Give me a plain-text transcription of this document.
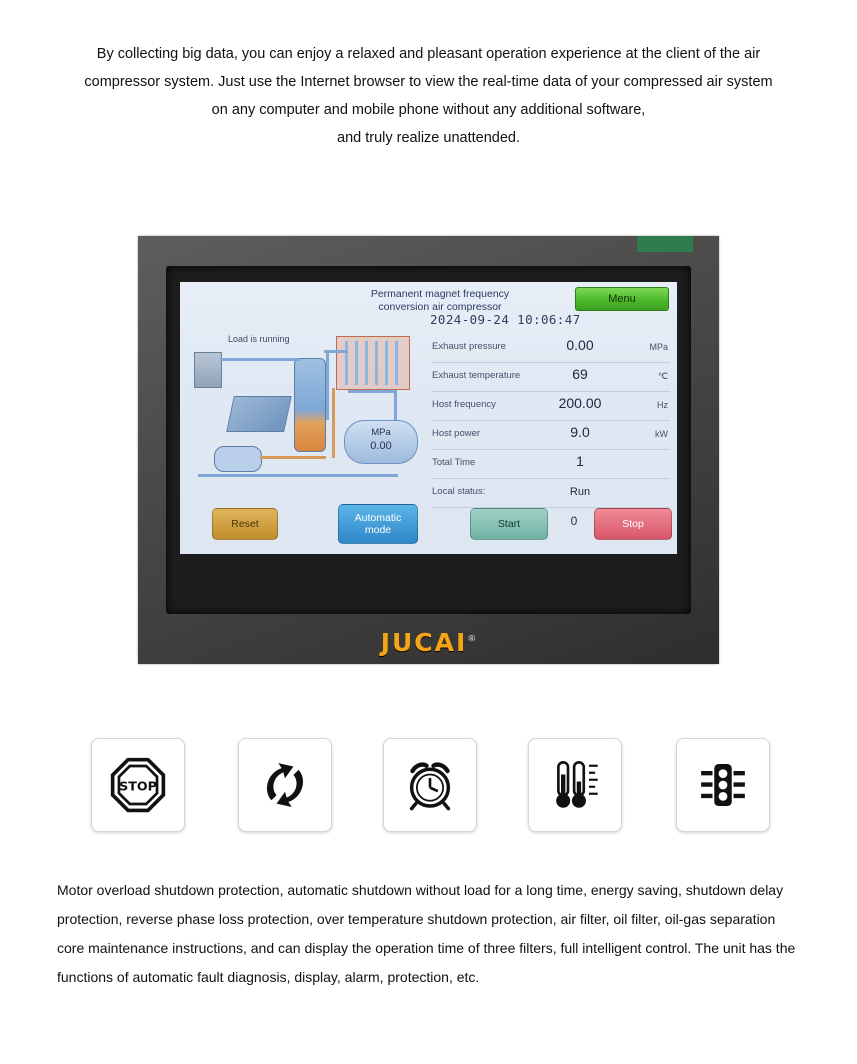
By collecting big data, you can enjoy a relaxed and pleasant operation experience at the client of the air
compressor system. Just use the Internet browser to view the real-time data of your compressed air system
on any computer and mobile phone without any additional software,
and truly realize unattended.
Permanent magnet frequency
conversion air compressor
Menu
2024-09-24 10:06:47
Load is running
MPa
0.00
Exhaust pressure	0.00	MPa
Exhaust temperature	69	℃
Host frequency	200.00	Hz
Host power	9.0	kW
Total Time	1
Local status:	Run
Reset	Automatic
mode	Start	0	Stop
JUCAI®
STOP
Motor overload shutdown protection, automatic shutdown without load for a long time, energy saving, shutdown delay protection, reverse phase loss protection, over temperature shutdown protection, air filter, oil filter, oil-gas separation core maintenance instructions, and can display the operation time of three filters, full intelligent control. The unit has the functions of automatic fault diagnosis, display, alarm, protection, etc.
